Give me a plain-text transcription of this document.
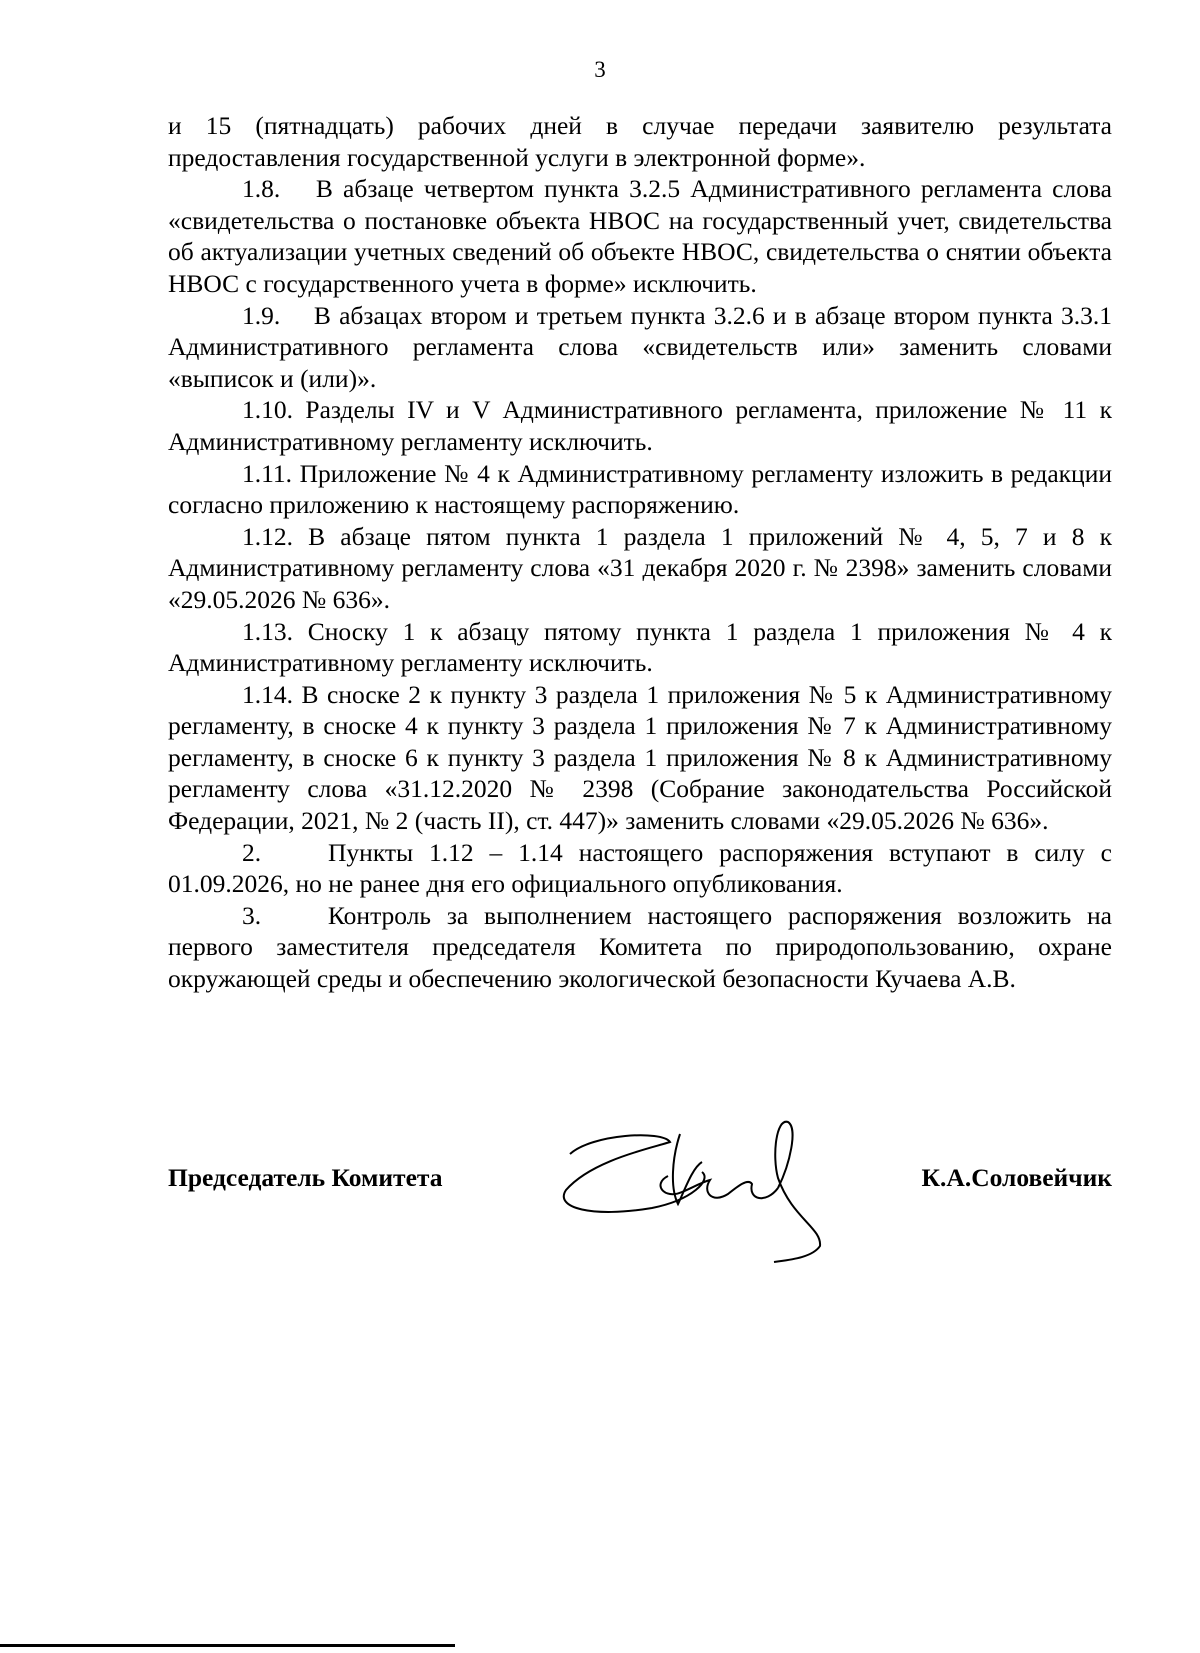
3

и 15 (пятнадцать) рабочих дней в случае передачи заявителю результата предоставления государственной услуги в электронной форме».

1.8.  В абзаце четвертом пункта 3.2.5 Административного регламента слова «свидетельства о постановке объекта НВОС на государственный учет, свидетельства об актуализации учетных сведений об объекте НВОС, свидетельства о снятии объекта НВОС с государственного учета в форме» исключить.

1.9.  В абзацах втором и третьем пункта 3.2.6 и в абзаце втором пункта 3.3.1 Административного регламента слова «свидетельств или» заменить словами «выписок и (или)».

1.10. Разделы IV и V Административного регламента, приложение № 11 к Административному регламенту исключить.

1.11. Приложение № 4 к Административному регламенту изложить в редакции согласно приложению к настоящему распоряжению.

1.12. В абзаце пятом пункта 1 раздела 1 приложений № 4, 5, 7 и 8 к Административному регламенту слова «31 декабря 2020 г. № 2398» заменить словами «29.05.2026 № 636».

1.13. Сноску 1 к абзацу пятому пункта 1 раздела 1 приложения № 4 к Административному регламенту исключить.

1.14. В сноске 2 к пункту 3 раздела 1 приложения № 5 к Административному регламенту, в сноске 4 к пункту 3 раздела 1 приложения № 7 к Административному регламенту, в сноске 6 к пункту 3 раздела 1 приложения № 8 к Административному регламенту слова «31.12.2020 № 2398 (Собрание законодательства Российской Федерации, 2021, № 2 (часть II), ст. 447)» заменить словами «29.05.2026 № 636».

2.   Пункты 1.12 – 1.14 настоящего распоряжения вступают в силу с 01.09.2026, но не ранее дня его официального опубликования.

3.   Контроль за выполнением настоящего распоряжения возложить на первого заместителя председателя Комитета по природопользованию, охране окружающей среды и обеспечению экологической безопасности Кучаева А.В.

Председатель Комитета	К.А.Соловейчик
